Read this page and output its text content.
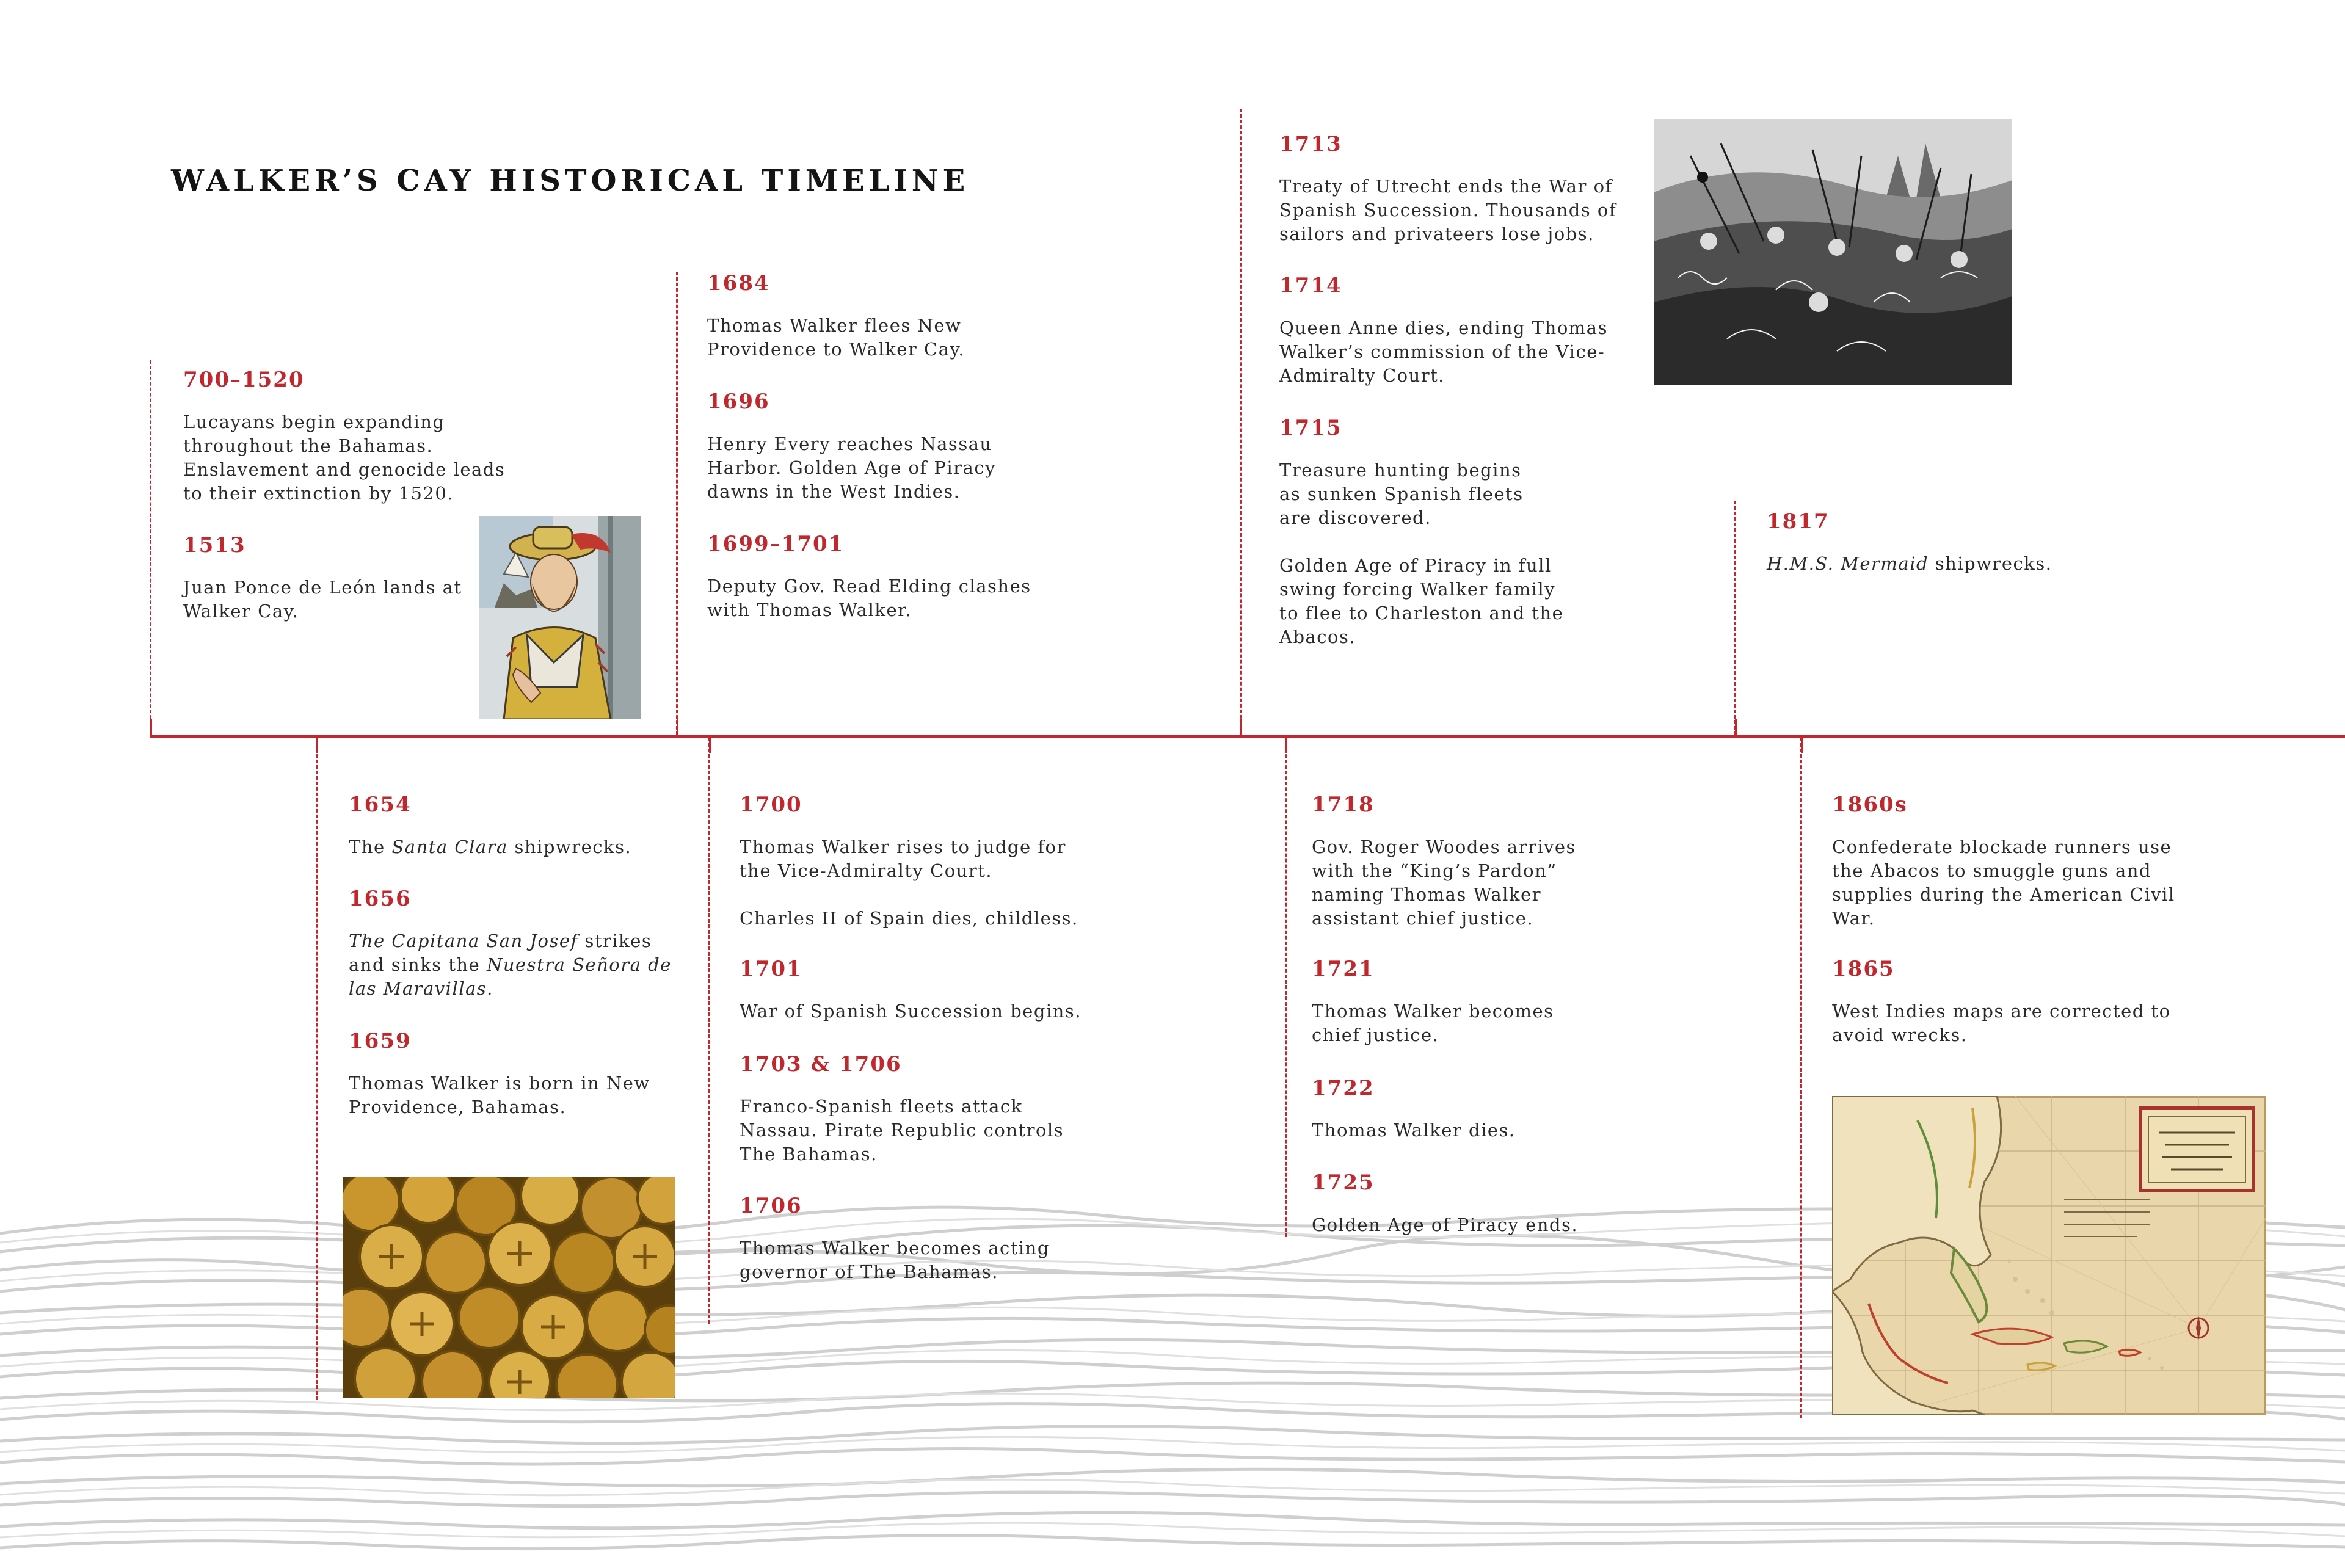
WALKER’S CAY HISTORICAL TIMELINE

700–1520

Lucayans begin expanding throughout the Bahamas. Enslavement and genocide leads to their extinction by 1520.

1513

Juan Ponce de León lands at Walker Cay.

1684

Thomas Walker flees New Providence to Walker Cay.

1696

Henry Every reaches Nassau Harbor. Golden Age of Piracy dawns in the West Indies.

1699–1701

Deputy Gov. Read Elding clashes with Thomas Walker.

1713

Treaty of Utrecht ends the War of Spanish Succession. Thousands of sailors and privateers lose jobs.

1714

Queen Anne dies, ending Thomas Walker’s commission of the Vice-Admiralty Court.

1715

Treasure hunting begins as sunken Spanish fleets are discovered.

Golden Age of Piracy in full swing forcing Walker family to flee to Charleston and the Abacos.

1817

H.M.S. Mermaid shipwrecks.

1654

The Santa Clara shipwrecks.

1656

The Capitana San Josef strikes and sinks the Nuestra Señora de las Maravillas.

1659

Thomas Walker is born in New Providence, Bahamas.

1700

Thomas Walker rises to judge for the Vice-Admiralty Court.

Charles II of Spain dies, childless.

1701

War of Spanish Succession begins.

1703 & 1706

Franco-Spanish fleets attack Nassau. Pirate Republic controls The Bahamas.

1706

Thomas Walker becomes acting governor of The Bahamas.

1718

Gov. Roger Woodes arrives with the “King’s Pardon” naming Thomas Walker assistant chief justice.

1721

Thomas Walker becomes chief justice.

1722

Thomas Walker dies.

1725

Golden Age of Piracy ends.

1860s

Confederate blockade runners use the Abacos to smuggle guns and supplies during the American Civil War.

1865

West Indies maps are corrected to avoid wrecks.
